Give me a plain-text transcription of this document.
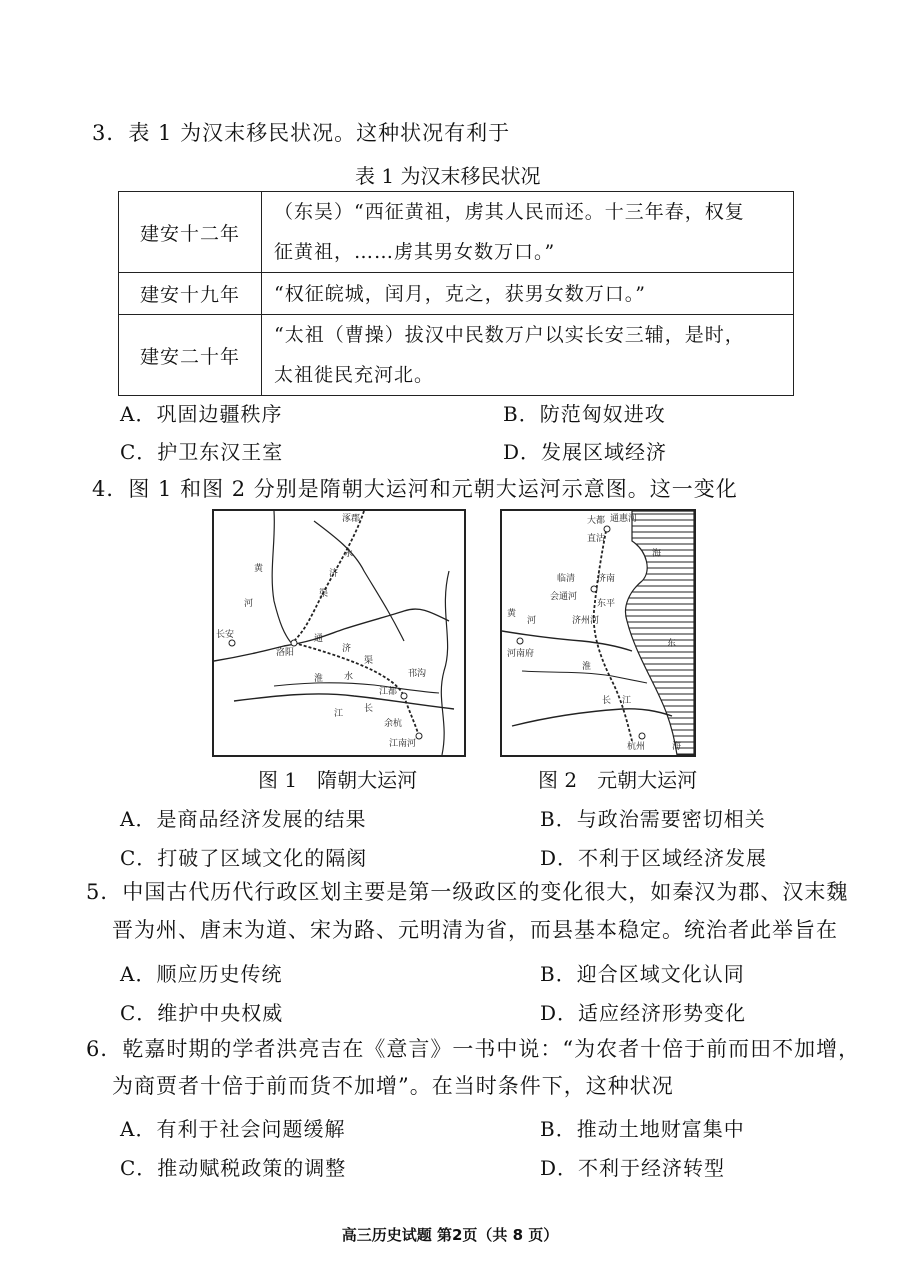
3．表 1 为汉末移民状况。这种状况有利于
表 1 为汉末移民状况
建安十二年	（东吴）“西征黄祖，虏其人民而还。十三年春，权复
征黄祖，……虏其男女数万口。”

建安十九年	“权征皖城，闰月，克之，获男女数万口。”

建安二十年	“太祖（曹操）拔汉中民数万户以实长安三辅，是时，
太祖徙民充河北。
A．巩固边疆秩序	B．防范匈奴进攻
C．护卫东汉王室	D．发展区域经济
4．图 1 和图 2 分别是隋朝大运河和元朝大运河示意图。这一变化
涿郡
黄
河
永
济
渠
长安
洛阳
通
济
渠
淮 水	邗沟
江都
长
江
余杭
江南河
大都 通惠河
直沽
海
东
临清 济南
东平
会通河
济州河
黄
河
河南府
淮
长 江
杭州	海
图 1　隋朝大运河	图 2　元朝大运河
A．是商品经济发展的结果	B．与政治需要密切相关
C．打破了区域文化的隔阂	D．不利于区域经济发展
5．中国古代历代行政区划主要是第一级政区的变化很大，如秦汉为郡、汉末魏
晋为州、唐末为道、宋为路、元明清为省，而县基本稳定。统治者此举旨在
A．顺应历史传统	B．迎合区域文化认同
C．维护中央权威	D．适应经济形势变化
6．乾嘉时期的学者洪亮吉在《意言》一书中说：“为农者十倍于前而田不加增，
为商贾者十倍于前而货不加增”。在当时条件下，这种状况
A．有利于社会问题缓解	B．推动土地财富集中
C．推动赋税政策的调整	D．不利于经济转型
高三历史试题 第2页（共 8 页）
